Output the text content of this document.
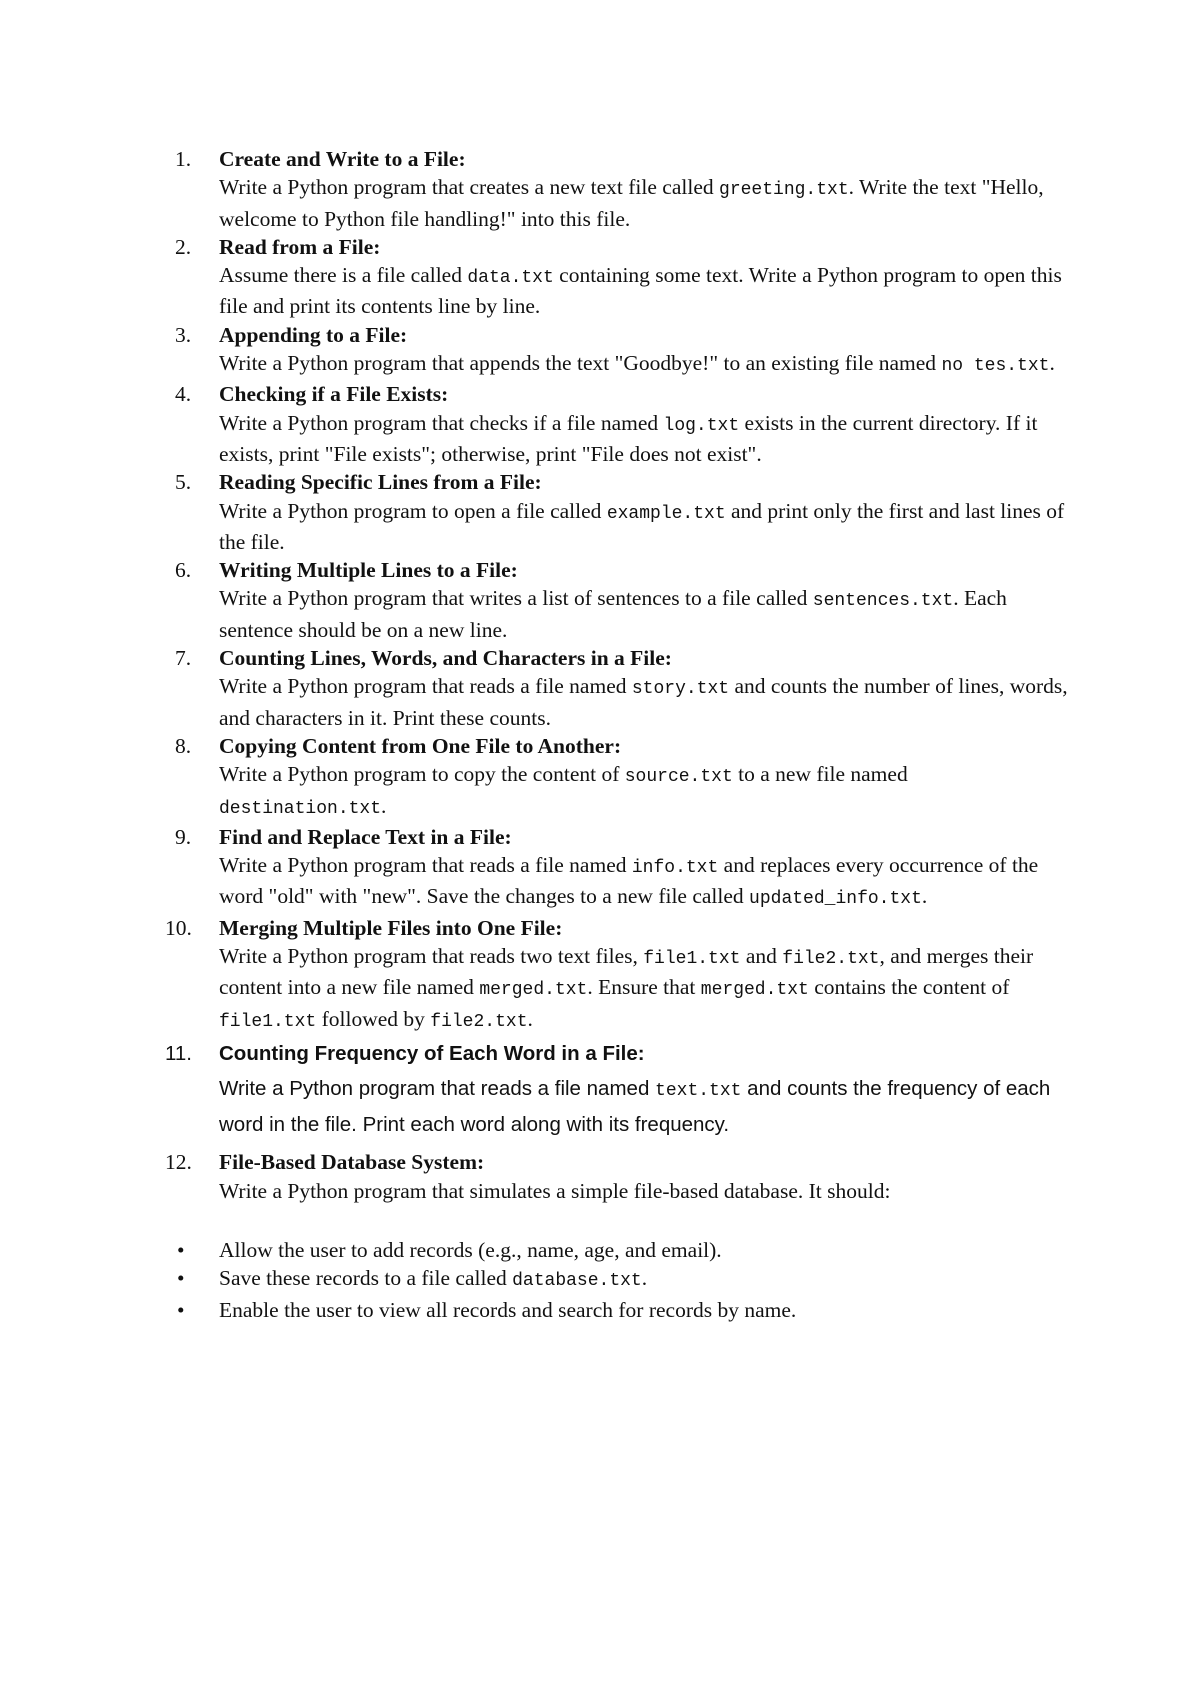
1. Create and Write to a File:
Write a Python program that creates a new text file called greeting.txt. Write the text "Hello, welcome to Python file handling!" into this file.
2. Read from a File:
Assume there is a file called data.txt containing some text. Write a Python program to open this file and print its contents line by line.
3. Appending to a File:
Write a Python program that appends the text "Goodbye!" to an existing file named no tes.txt.
4. Checking if a File Exists:
Write a Python program that checks if a file named log.txt exists in the current directory. If it exists, print "File exists"; otherwise, print "File does not exist".
5. Reading Specific Lines from a File:
Write a Python program to open a file called example.txt and print only the first and last lines of the file.
6. Writing Multiple Lines to a File:
Write a Python program that writes a list of sentences to a file called sentences.txt. Each sentence should be on a new line.
7. Counting Lines, Words, and Characters in a File:
Write a Python program that reads a file named story.txt and counts the number of lines, words, and characters in it. Print these counts.
8. Copying Content from One File to Another:
Write a Python program to copy the content of source.txt to a new file named destination.txt.
9. Find and Replace Text in a File:
Write a Python program that reads a file named info.txt and replaces every occurrence of the word "old" with "new". Save the changes to a new file called updated_info.txt.
10. Merging Multiple Files into One File:
Write a Python program that reads two text files, file1.txt and file2.txt, and merges their content into a new file named merged.txt. Ensure that merged.txt contains the content of file1.txt followed by file2.txt.
11. Counting Frequency of Each Word in a File:
Write a Python program that reads a file named text.txt and counts the frequency of each word in the file. Print each word along with its frequency.
12. File-Based Database System:
Write a Python program that simulates a simple file-based database. It should:
• Allow the user to add records (e.g., name, age, and email).
• Save these records to a file called database.txt.
• Enable the user to view all records and search for records by name.
